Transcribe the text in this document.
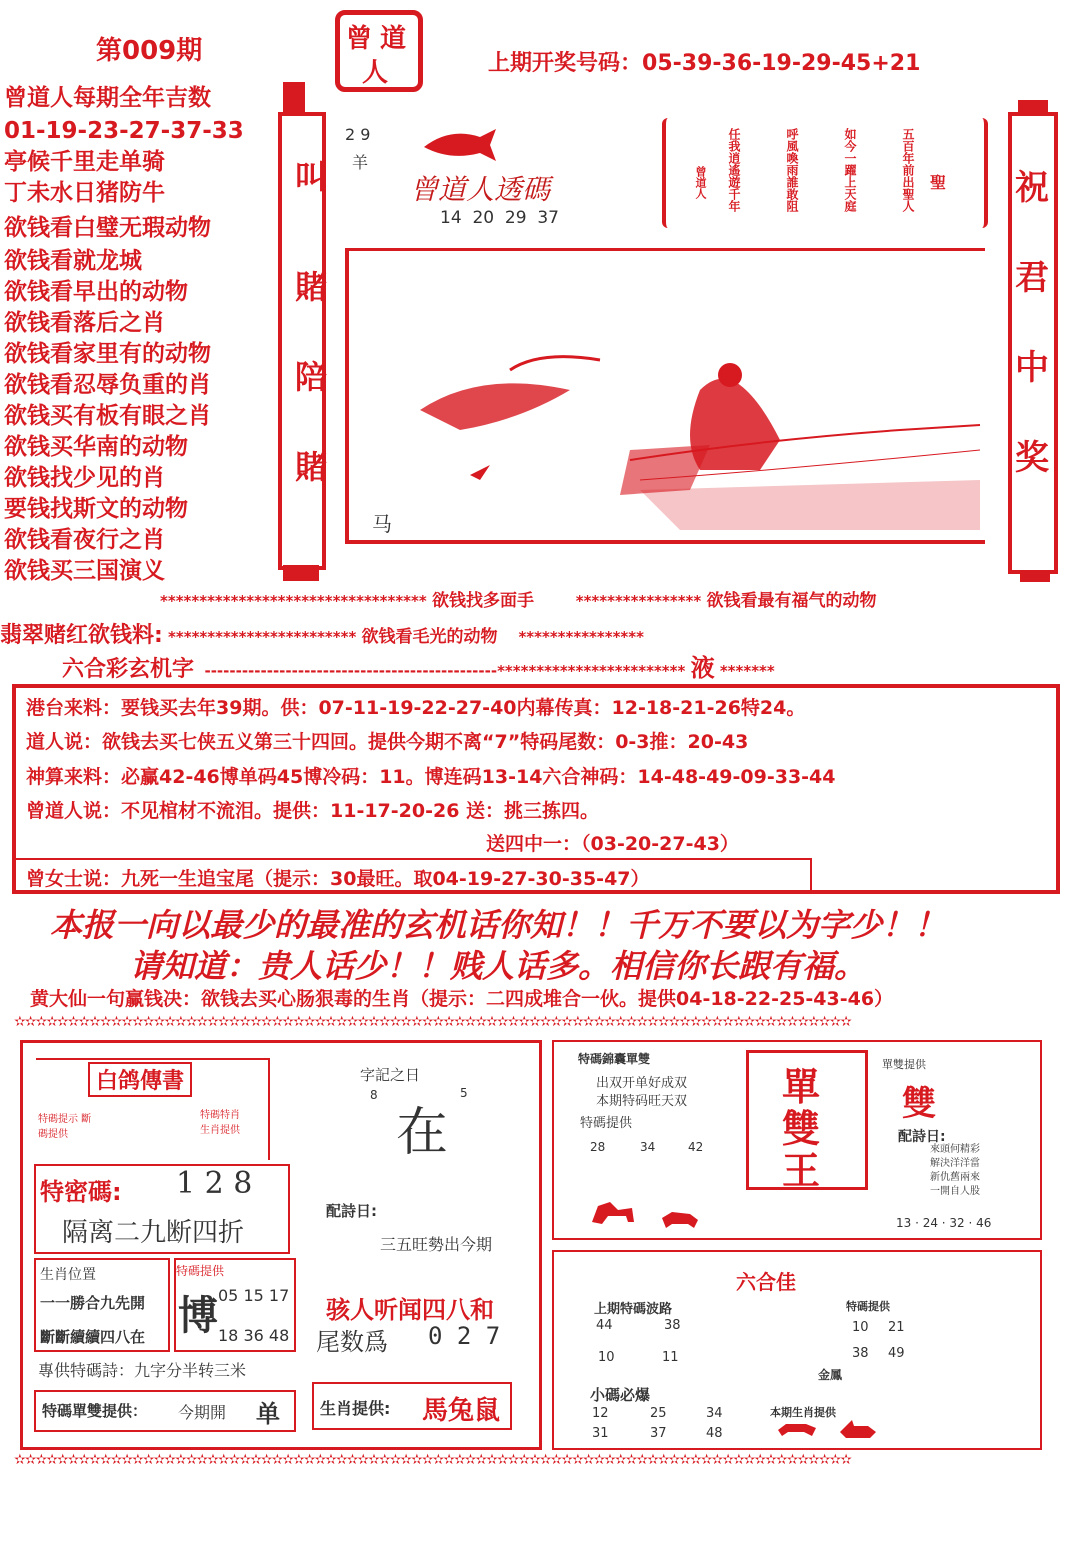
第009期	曾 道
人	上期开奖号码：05-39-36-19-29-45+21
曾道人每期全年吉数
01-19-23-27-37-33
亭候千里走单骑
丁未水日猪防牛
欲钱看白璧无瑕动物
欲钱看就龙城
欲钱看早出的动物
欲钱看落后之肖
欲钱看家里有的动物
欲钱看忍辱负重的肖
欲钱买有板有眼之肖
欲钱买华南的动物
欲钱找少见的肖
要钱找斯文的动物
欲钱看夜行之肖
欲钱买三国演义
叫
賭
陪
賭
祝
君
中
奖
2 9
羊
曾道人透碼
14  20  29  37
曾道人 任我逍遙遊千年	呼風喚雨誰敢阻	如今一躍上天庭	五百年前出聖人 聖
马
********************************** 欲钱找多面手        **************** 欲钱看最有福气的动物
翡翠赌红欲钱料: ************************ 欲钱看毛光的动物    ****************
六合彩玄机字  -----------------------------------------------************************ 液 *******
港台来料：要钱买去年39期。供：07-11-19-22-27-40内幕传真：12-18-21-26特24。
道人说：欲钱去买七侠五义第三十四回。提供今期不离“7”特码尾数：0-3推：20-43
神算来料：必赢42-46博单码45博冷码：11。博连码13-14六合神码：14-48-49-09-33-44
曾道人说：不见棺材不流泪。提供：11-17-20-26 送：挑三拣四。
送四中一：（03-20-27-43）
曾女士说：九死一生追宝尾（提示：30最旺。取04-19-27-30-35-47）
本报一向以最少的最准的玄机话你知！！千万不要以为字少！！
请知道：贵人话少！！贱人话多。相信你长跟有福。
黄大仙一句赢钱决：欲钱去买心肠狠毒的生肖（提示：二四成堆合一伙。提供04-18-22-25-43-46）
✫✫✫✫✫✫✫✫✫✫✫✫✫✫✫✫✫✫✫✫✫✫✫✫✫✫✫✫✫✫✫✫✫✫✫✫✫✫✫✫✫✫✫✫✫✫✫✫✫✫✫✫✫✫✫✫✫✫✫✫✫✫✫✫✫✫✫✫✫✫✫✫✫✫✫✫✫✫
✫✫✫✫✫✫✫✫✫✫✫✫✫✫✫✫✫✫✫✫✫✫✫✫✫✫✫✫✫✫✫✫✫✫✫✫✫✫✫✫✫✫✫✫✫✫✫✫✫✫✫✫✫✫✫✫✫✫✫✫✫✫✫✫✫✫✫✫✫✫✫✫✫✫✫✫✫✫
白鸽傳書
特碼提示 斷碼提供
特碼特肖 生肖提供
特密碼: 1 2 8
隔离二九断四折
生肖位置
一一勝合九先開
斷斷續續四八在 博
特碼提供
05 15 17
18 36 48
專供特碼詩：九字分半转三米
特碼單雙提供： 今期開 单
字記之日
8	5
在
配詩日:
三五旺勢出今期
骇人听闻四八和
尾数爲 0 2 7
生肖提供: 馬兔鼠
特碼錦囊單雙
出双开单好成双
本期特码旺天双
特碼提供
28	34	42
單
雙
王
單雙提供
雙
配詩日:
來頭何精彩
解決洋洋當
新仇舊兩來
一開自人股
13 · 24 · 32 · 46
六合佳
上期特碼波路
44	38
10	11
特碼提供
10 21
38 49
金鳳
小碼必爆
12	25	34
31	37	48
本期生肖提供
